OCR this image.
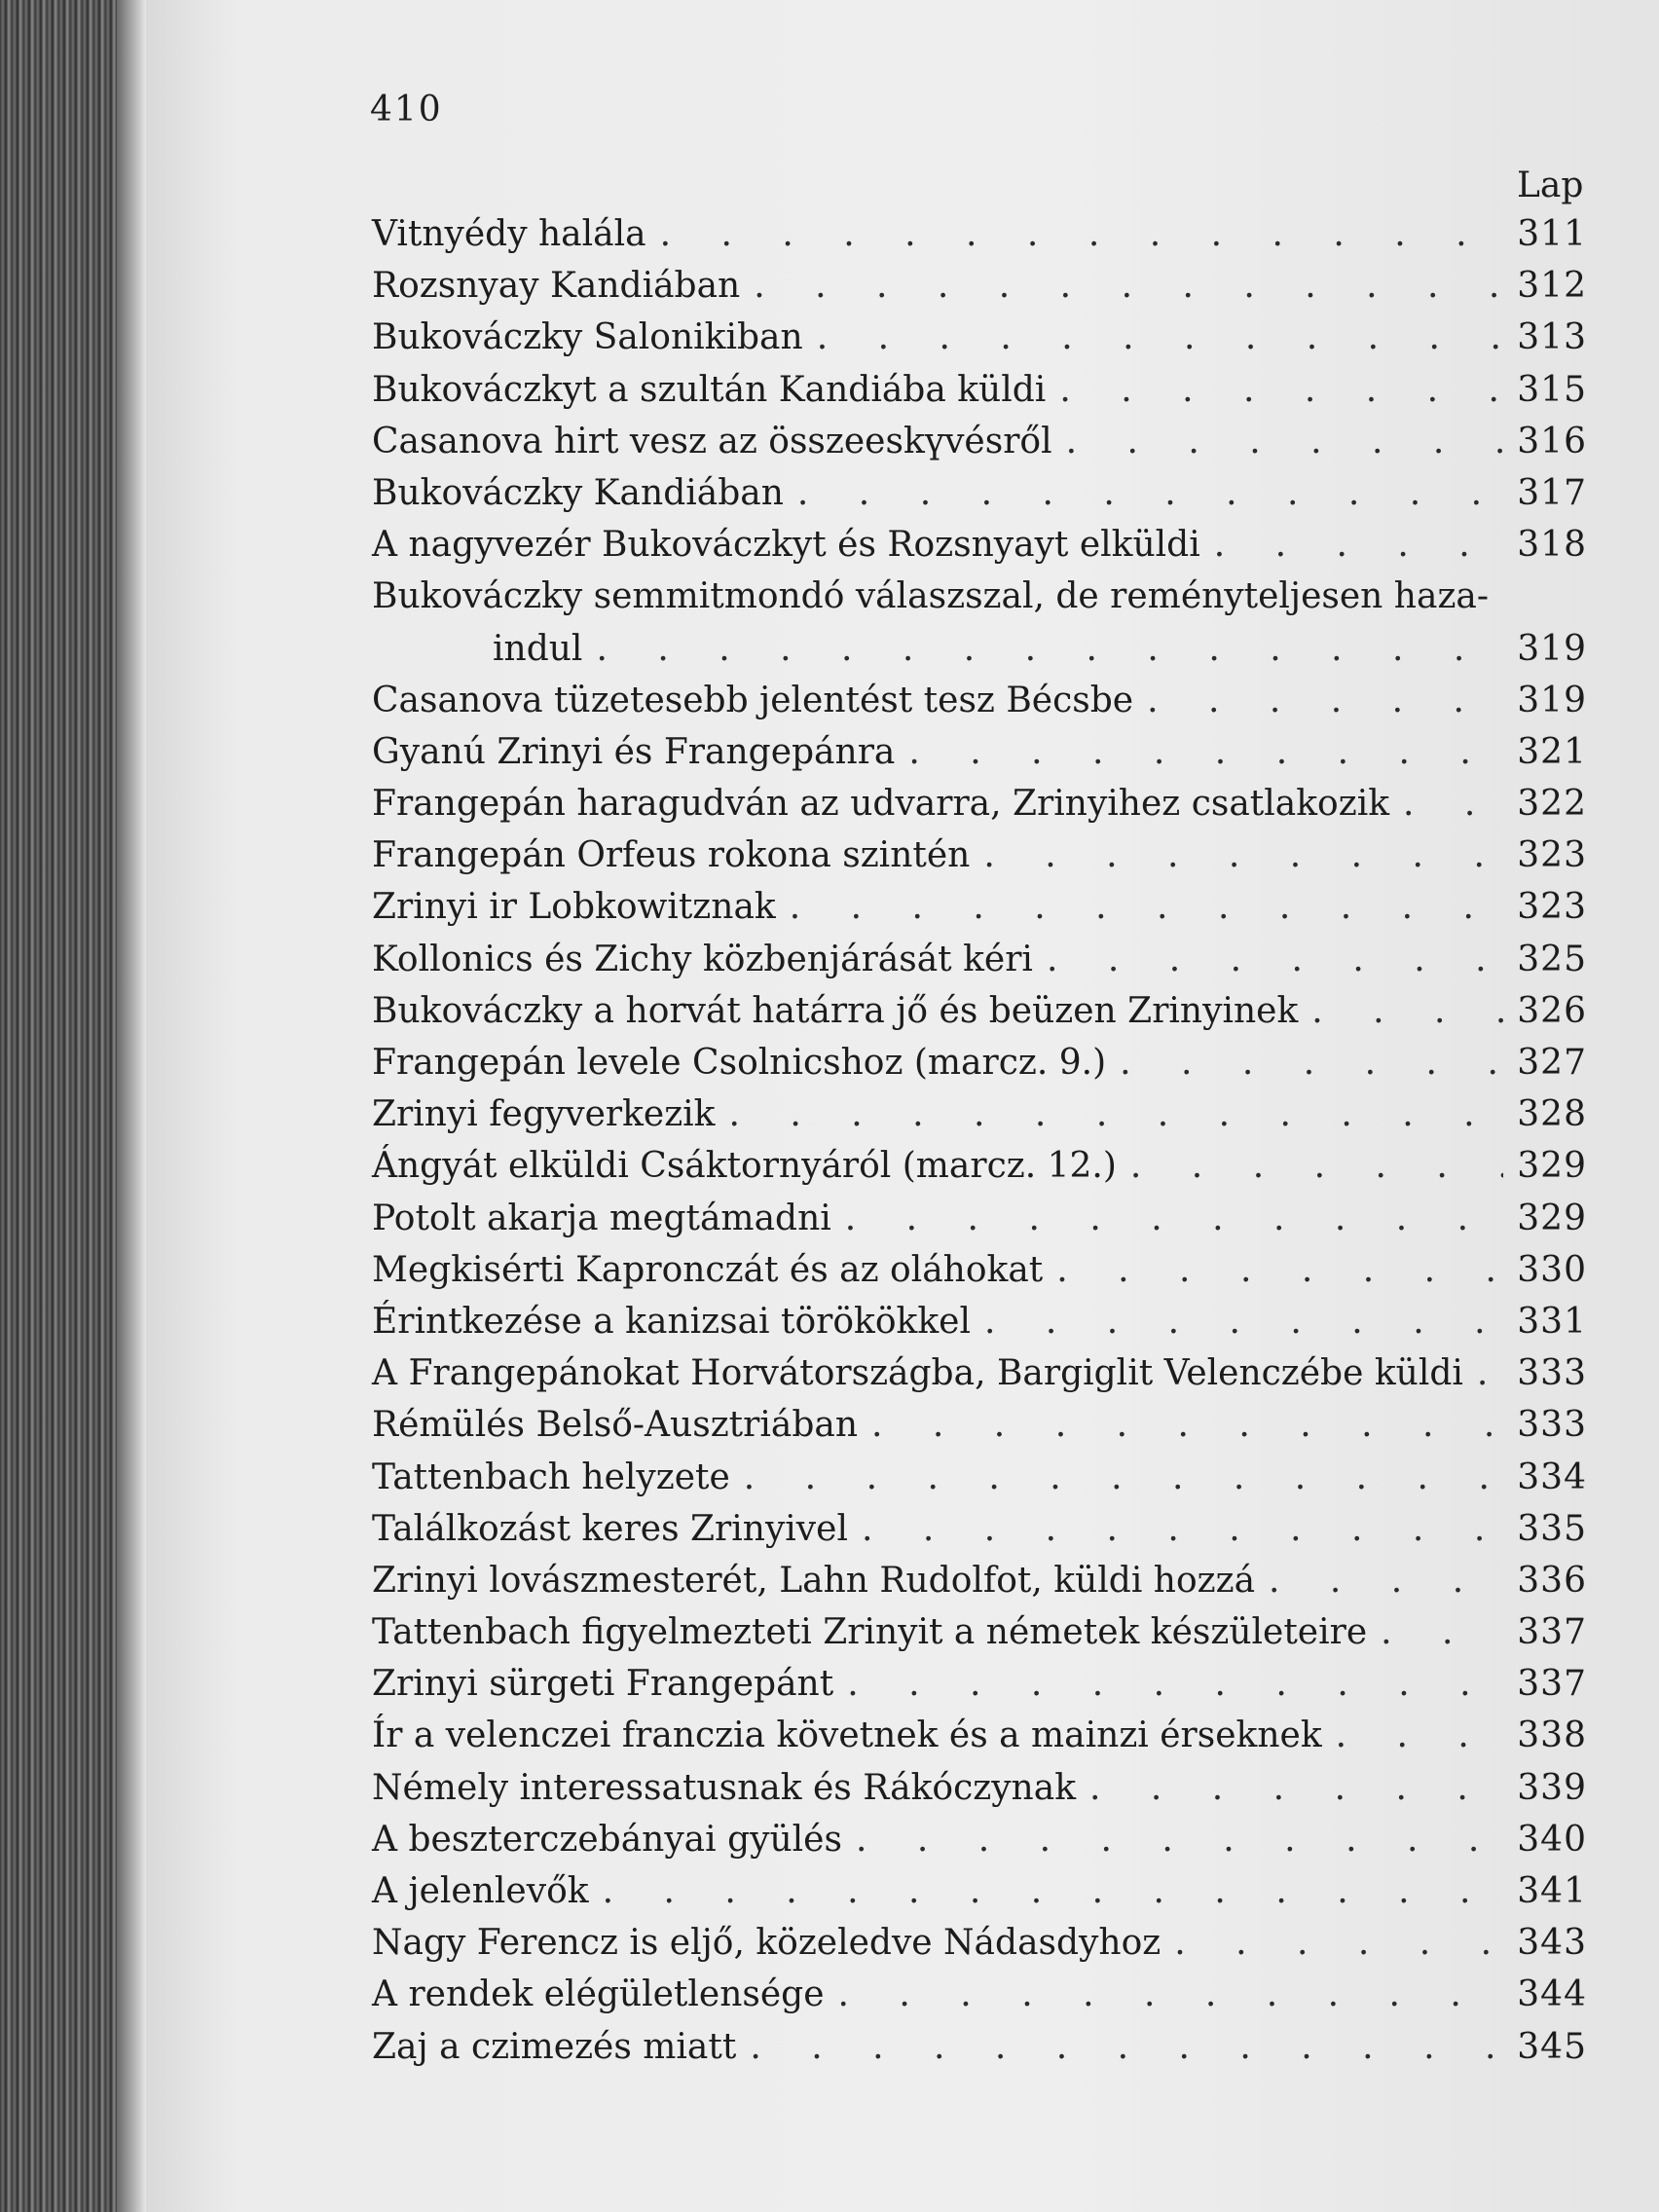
410
Lap
Vitnyédy halála . . .	311
Rozsnyay Kandiában . . .	312
Bukováczky Salonikiban . . .	313
Bukováczkyt a szultán Kandiába küldi . . .	315
Casanova hirt vesz az összeeskүvésről . . .	316
Bukováczky Kandiában . . .	317
A nagyvezér Bukováczkyt és Rozsnyayt elküldi . . .	318
Bukováczky semmitmondó válaszszal, de reményteljesen haza-
indul . . .	319
Casanova tüzetesebb jelentést tesz Bécsbe . . .	319
Gyanú Zrinyi és Frangepánra . . .	321
Frangepán haragudván az udvarra, Zrinyihez csatlakozik . . .	322
Frangepán Orfeus rokona szintén . . .	323
Zrinyi ir Lobkowitznak . . .	323
Kollonics és Zichy közbenjárását kéri . . .	325
Bukováczky a horvát határra jő és beüzen Zrinyinek . . .	326
Frangepán levele Csolnicshoz (marcz. 9.) . . .	327
Zrinyi fegyverkezik . . .	328
Ángyát elküldi Csáktornyáról (marcz. 12.) . . .	329
Potolt akarja megtámadni . . .	329
Megkisérti Kapronczát és az oláhokat . . .	330
Érintkezése a kanizsai törökökkel . . .	331
A Frangepánokat Horvátországba, Bargiglit Velenczébe küldi . . . 333
Rémülés Belső-Ausztriában . . .	333
Tattenbach helyzete . . .	334
Találkozást keres Zrinyivel . . .	335
Zrinyi lovászmesterét, Lahn Rudolfot, küldi hozzá . . .	336
Tattenbach figyelmezteti Zrinyit a németek készületeire . . .	337
Zrinyi sürgeti Frangepánt . . .	337
Ír a velenczei franczia követnek és a mainzi érseknek . . .	338
Némely interessatusnak és Rákóczynak . . .	339
A beszterczebányai gyülés . . .	340
A jelenlevők . . .	341
Nagy Ferencz is eljő, közeledve Nádasdyhoz . . .	343
A rendek elégületlensége . . .	344
Zaj a czimezés miatt . . .	345
